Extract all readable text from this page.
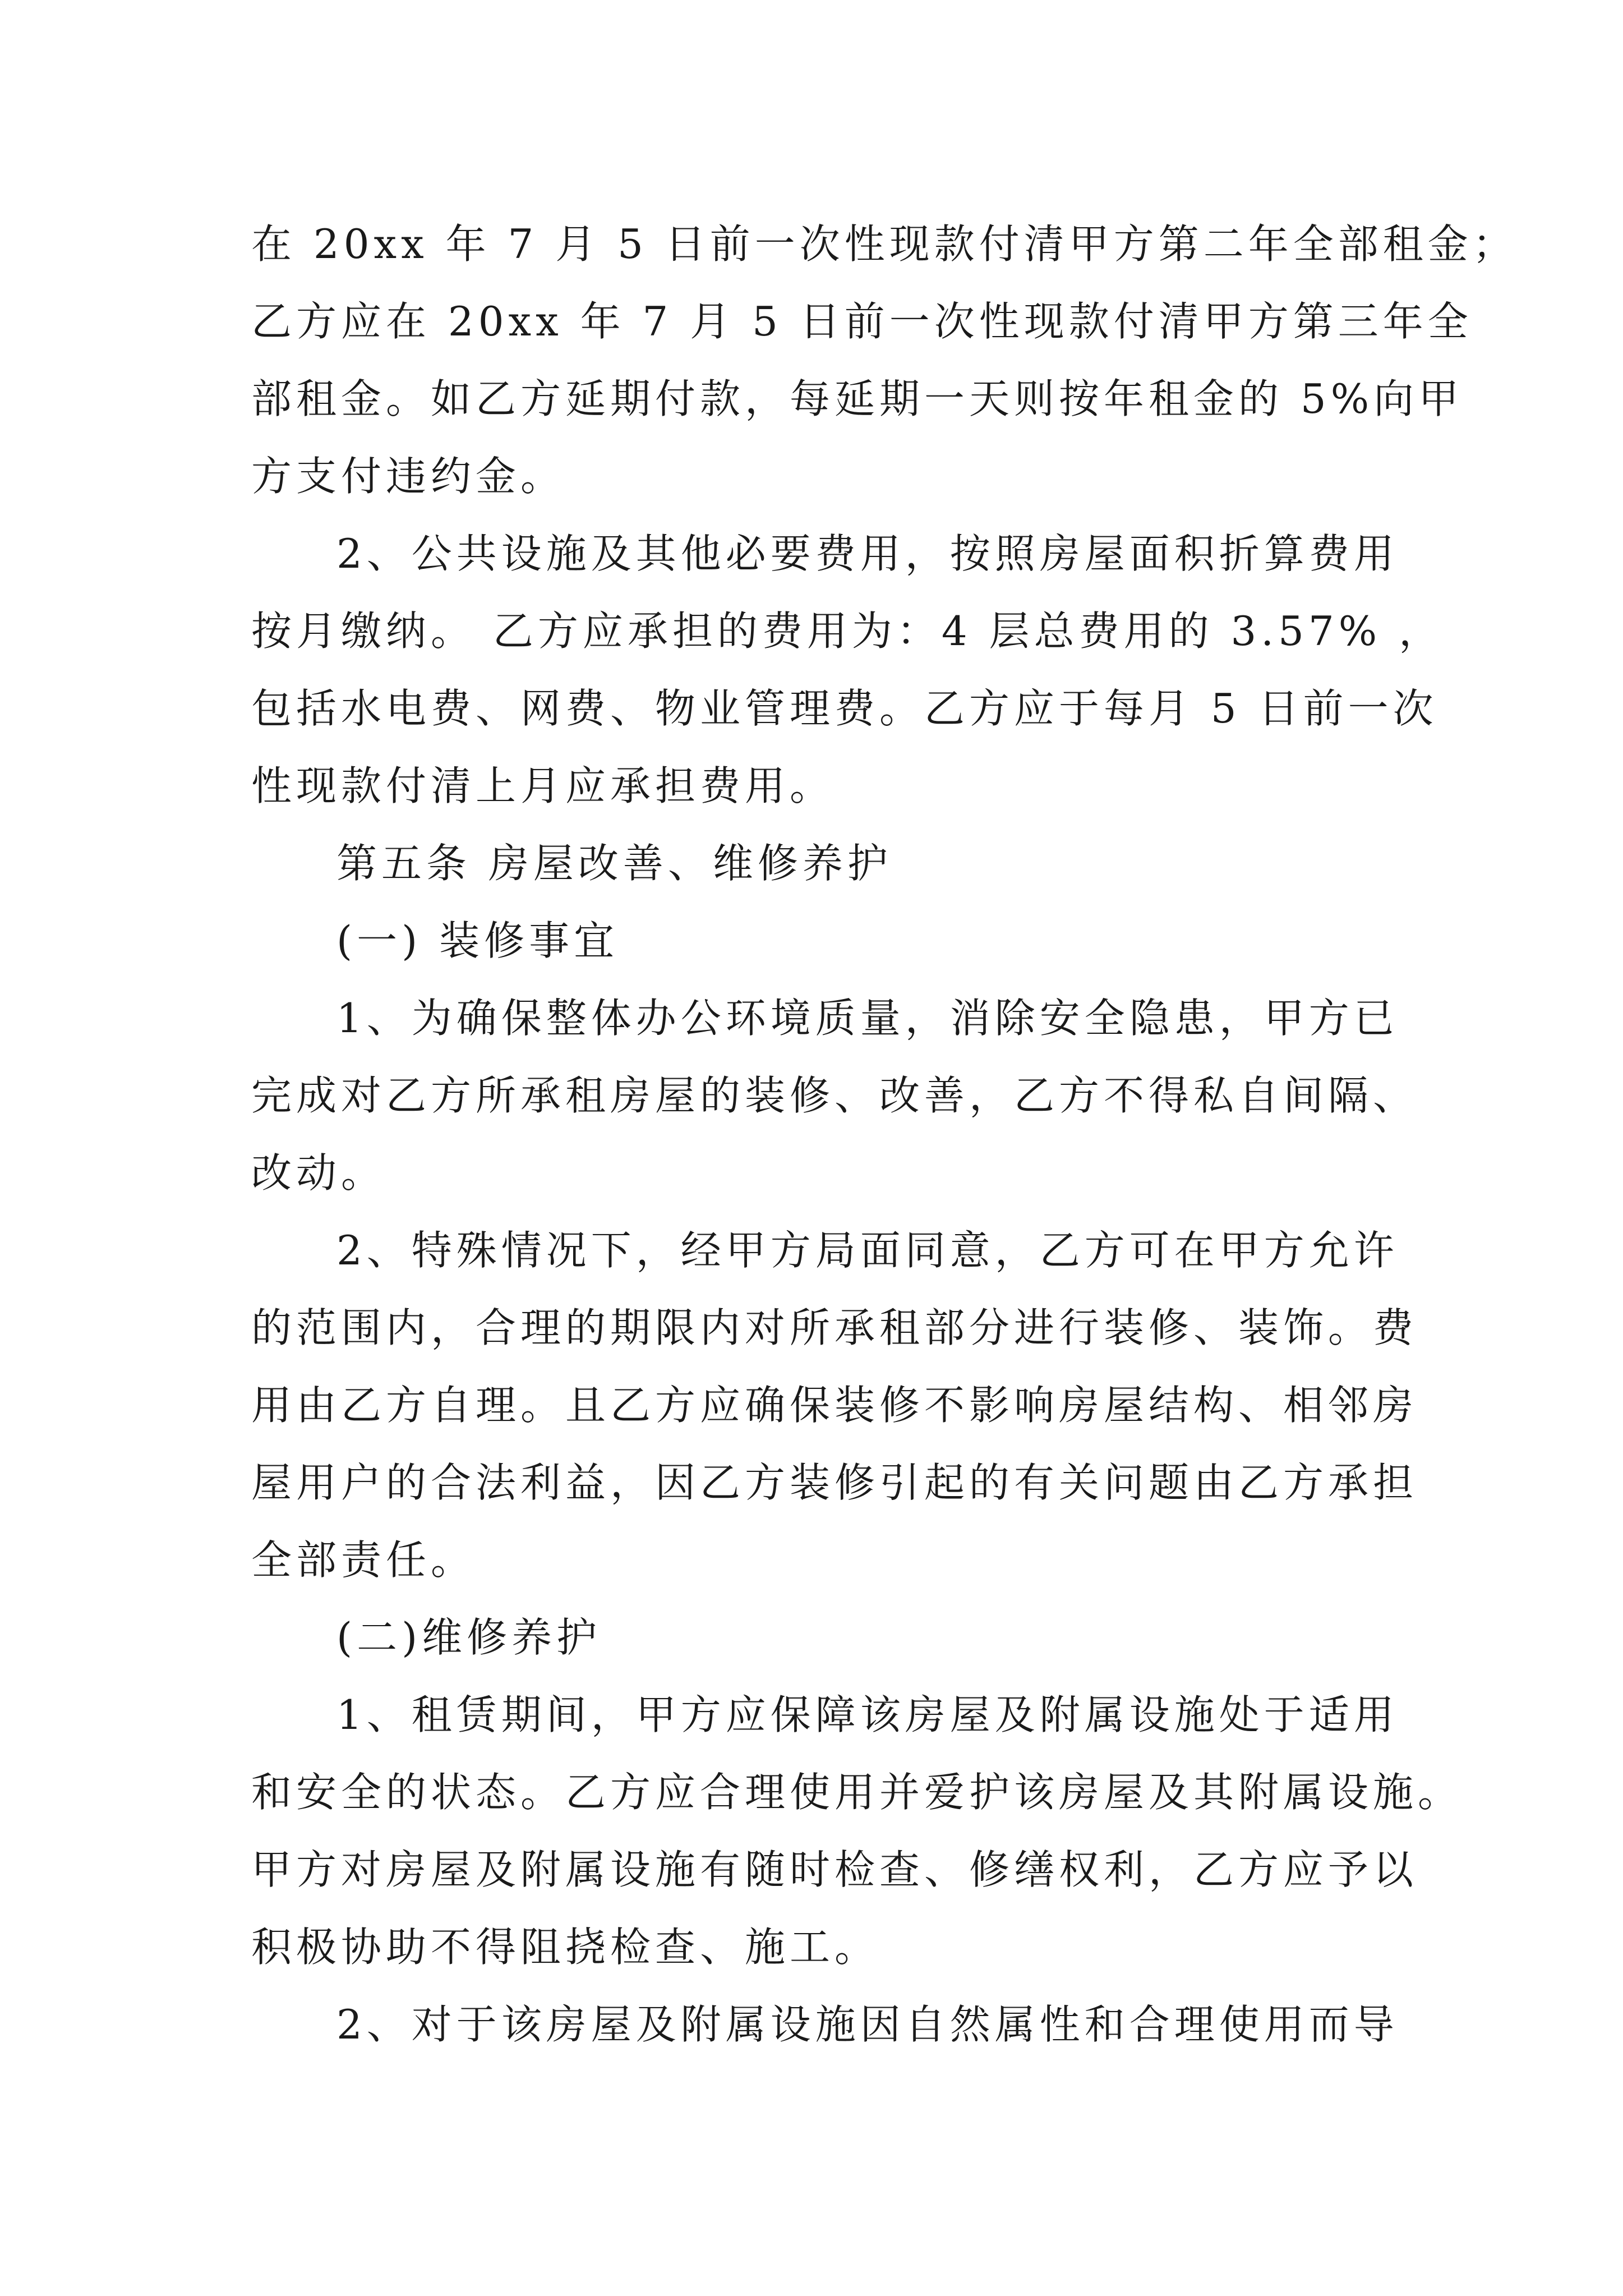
在 20xx 年 7 月 5 日前一次性现款付清甲方第二年全部租金；

乙方应在 20xx 年 7 月 5 日前一次性现款付清甲方第三年全

部租金。如乙方延期付款，每延期一天则按年租金的 5%向甲

方支付违约金。

2、公共设施及其他必要费用，按照房屋面积折算费用

按月缴纳。 乙方应承担的费用为：4 层总费用的 3.57% ，

包括水电费、网费、物业管理费。乙方应于每月 5 日前一次

性现款付清上月应承担费用。

第五条 房屋改善、维修养护

(一) 装修事宜

1、为确保整体办公环境质量，消除安全隐患，甲方已

完成对乙方所承租房屋的装修、改善，乙方不得私自间隔、

改动。

2、特殊情况下，经甲方局面同意，乙方可在甲方允许

的范围内，合理的期限内对所承租部分进行装修、装饰。费

用由乙方自理。且乙方应确保装修不影响房屋结构、相邻房

屋用户的合法利益，因乙方装修引起的有关问题由乙方承担

全部责任。

(二)维修养护

1、租赁期间，甲方应保障该房屋及附属设施处于适用

和安全的状态。乙方应合理使用并爱护该房屋及其附属设施。

甲方对房屋及附属设施有随时检查、修缮权利，乙方应予以

积极协助不得阻挠检查、施工。

2、对于该房屋及附属设施因自然属性和合理使用而导
